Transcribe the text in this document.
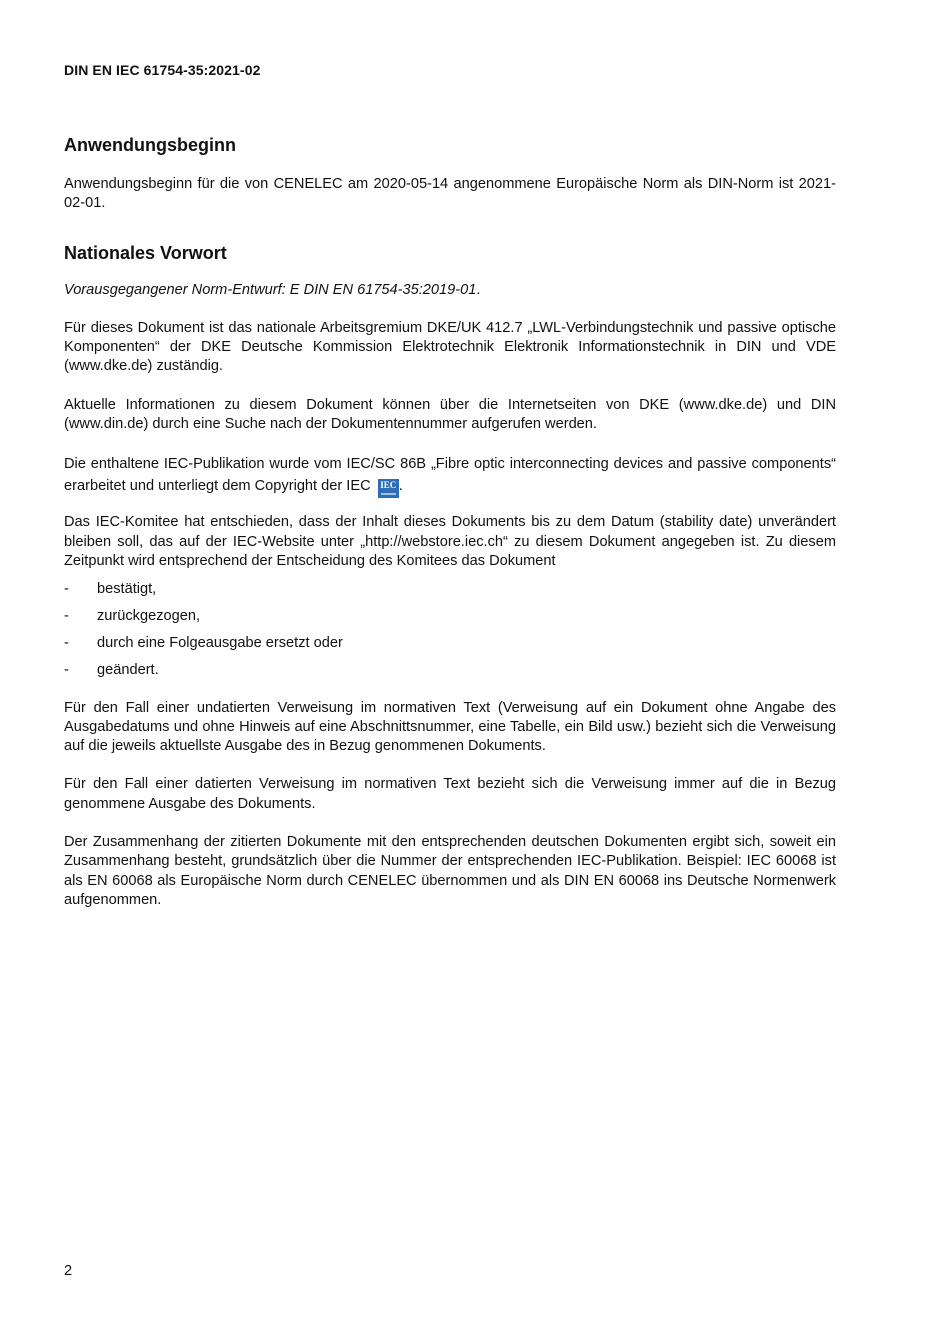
DIN EN IEC 61754-35:2021-02

Anwendungsbeginn

Anwendungsbeginn für die von CENELEC am 2020-05-14 angenommene Europäische Norm als DIN-Norm ist 2021-02-01.

Nationales Vorwort

Vorausgegangener Norm-Entwurf: E DIN EN 61754-35:2019-01.

Für dieses Dokument ist das nationale Arbeitsgremium DKE/UK 412.7 „LWL-Verbindungstechnik und passive optische Komponenten“ der DKE Deutsche Kommission Elektrotechnik Elektronik Informationstechnik in DIN und VDE (www.dke.de) zuständig.

Aktuelle Informationen zu diesem Dokument können über die Internetseiten von DKE (www.dke.de) und DIN (www.din.de) durch eine Suche nach der Dokumentennummer aufgerufen werden.

Die enthaltene IEC-Publikation wurde vom IEC/SC 86B „Fibre optic interconnecting devices and passive components“ erarbeitet und unterliegt dem Copyright der IEC IEC .

Das IEC-Komitee hat entschieden, dass der Inhalt dieses Dokuments bis zu dem Datum (stability date) unverändert bleiben soll, das auf der IEC-Website unter „http://webstore.iec.ch“ zu diesem Dokument angegeben ist. Zu diesem Zeitpunkt wird entsprechend der Entscheidung des Komitees das Dokument

- bestätigt,
- zurückgezogen,
- durch eine Folgeausgabe ersetzt oder
- geändert.

Für den Fall einer undatierten Verweisung im normativen Text (Verweisung auf ein Dokument ohne Angabe des Ausgabedatums und ohne Hinweis auf eine Abschnittsnummer, eine Tabelle, ein Bild usw.) bezieht sich die Verweisung auf die jeweils aktuellste Ausgabe des in Bezug genommenen Dokuments.

Für den Fall einer datierten Verweisung im normativen Text bezieht sich die Verweisung immer auf die in Bezug genommene Ausgabe des Dokuments.

Der Zusammenhang der zitierten Dokumente mit den entsprechenden deutschen Dokumenten ergibt sich, soweit ein Zusammenhang besteht, grundsätzlich über die Nummer der entsprechenden IEC-Publikation. Beispiel: IEC 60068 ist als EN 60068 als Europäische Norm durch CENELEC übernommen und als DIN EN 60068 ins Deutsche Normenwerk aufgenommen.

2
